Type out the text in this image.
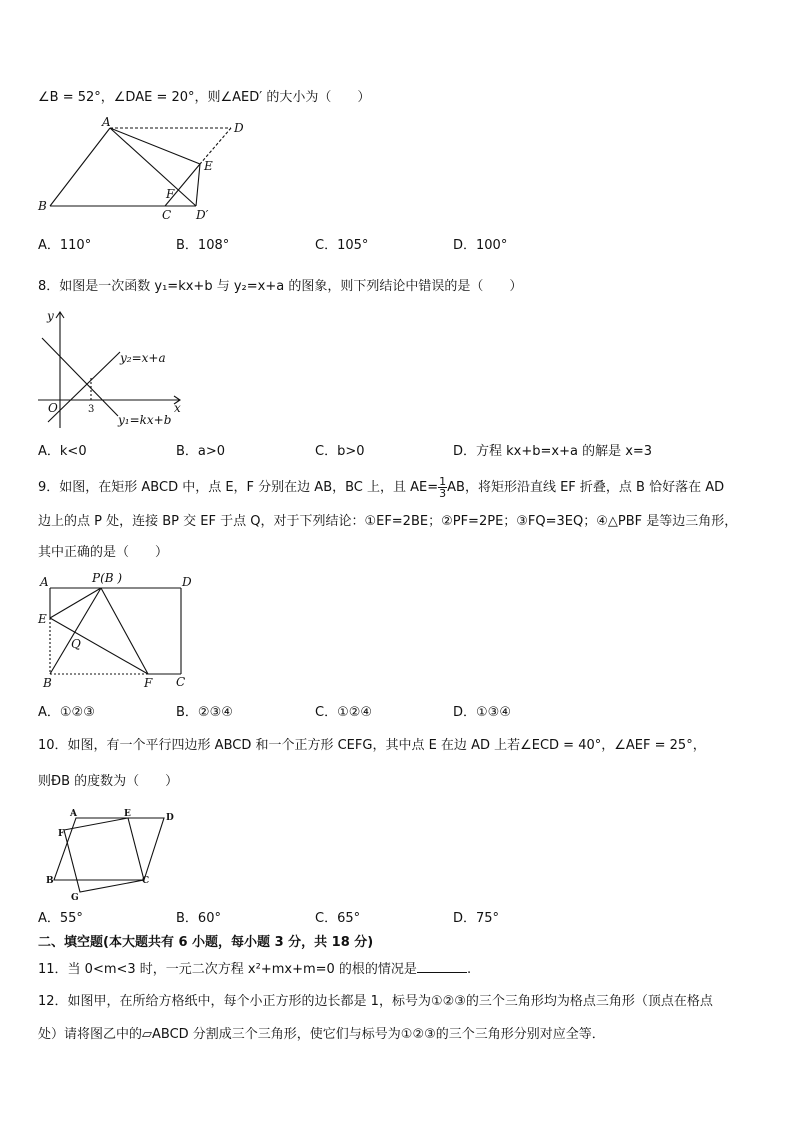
∠B = 52°，∠DAE = 20°，则∠AED′ 的大小为（　　）
A	D
E
F
B
C D′
A．110°	B．108°	C．105°	D．100°
8．如图是一次函数 y₁=kx+b 与 y₂=x+a 的图象，则下列结论中错误的是（　　）
y
x
O	3
y₂=x+a
y₁=kx+b
A．k<0	B．a>0	C．b>0	D．方程 kx+b=x+a 的解是 x=3
9．如图，在矩形 ABCD 中，点 E，F 分别在边 AB，BC 上，且 $AE= \frac{1}{3}$ AB，将矩形沿直线 EF 折叠，点 B 恰好落在 AD
边上的点 P 处，连接 BP 交 EF 于点 Q，对于下列结论：①EF=2BE；②PF=2PE；③FQ=3EQ；④△PBF 是等边三角形，
其中正确的是（　　）
A	P(B )	D
E
Q
B	F C
A．①②③	B．②③④	C．①②④	D．①③④
10．如图，有一个平行四边形 ABCD 和一个正方形 CEFG，其中点 E 在边 AD 上若∠ECD = 40°，∠AEF = 25°，
则ÐB 的度数为（　　）
A	E	D
F
B
G
C
A．55°	B．60°	C．65°	D．75°
二、填空题(本大题共有 6 小题，每小题 3 分，共 18 分)
11．当 0<m<3 时，一元二次方程 x²+mx+m=0 的根的情况是	.
12．如图甲，在所给方格纸中，每个小正方形的边长都是 1，标号为①②③的三个三角形均为格点三角形（顶点在格点
处）请将图乙中的▱ABCD 分割成三个三角形，使它们与标号为①②③的三个三角形分别对应全等．
